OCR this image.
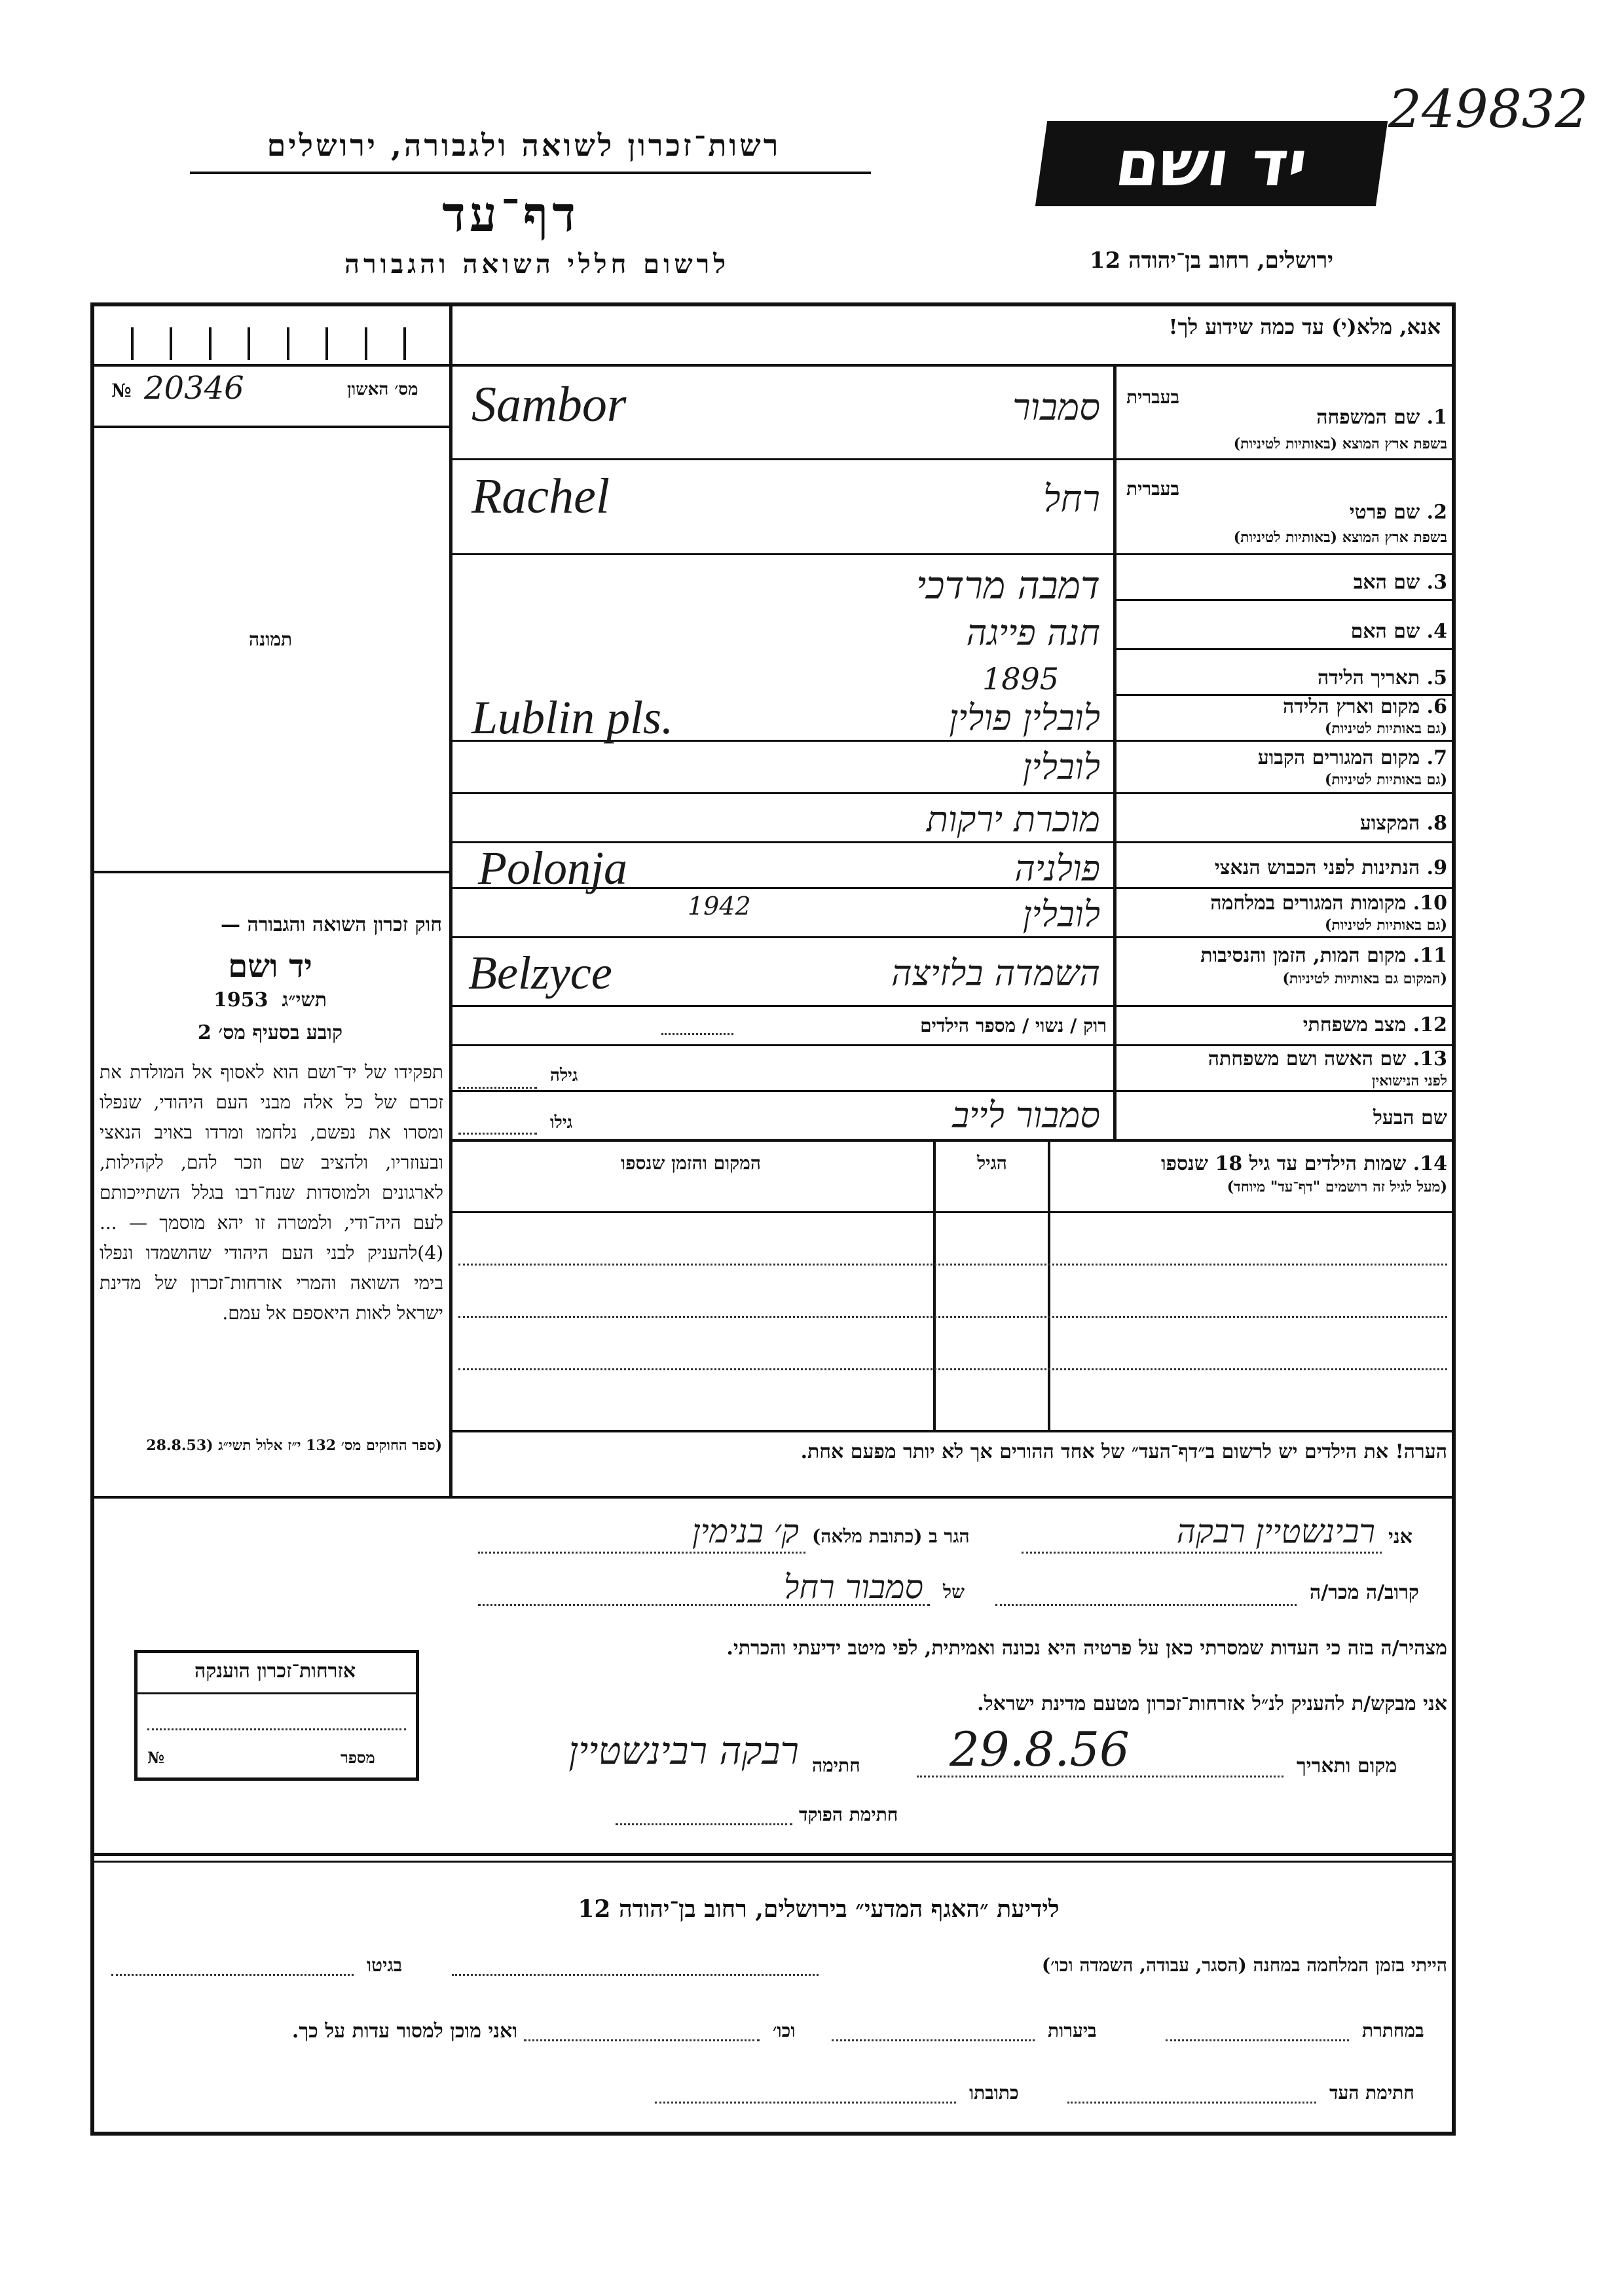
249832
רשות־זכרון לשואה ולגבורה, ירושלים
דף־עד
לרשום חללי השואה והגבורה
יד ושם
ירושלים, רחוב בן־יהודה 12
אנא, מלא(י) עד כמה שידוע לך!
№ 20346	מס׳ האשון
תמונה
חוק זכרון השואה והגבורה —
יד ושם
1953 תשי״ג
קובע בסעיף מס׳ 2
תפקידו של יד־ושם הוא לאסוף אל המולדת את זכרם של כל אלה מבני העם היהודי, שנפלו ומסרו את נפשם, נלחמו ומרדו באויב הנאצי ובעוזריו, ולהציב שם וזכר להם, לקהילות, לארגונים ולמוסדות שנח־רבו בגלל השתייכותם לעם היה־ודי, ולמטרה זו יהא מוסמך — ...(4)להעניק לבני העם היהודי שהושמדו ונפלו בימי השואה והמרי אזרחות־זכרון של מדינת ישראל לאות היאספם אל עמם.
(ספר החוקים מס׳ 132 י״ז אלול תשי״ג (28.8.53
בעברית
1. שם המשפחה
בשפת ארץ המוצא (באותיות לטיניות)
Sambor	סמבור
בעברית
2. שם פרטי
בשפת ארץ המוצא (באותיות לטיניות)
Rachel	רחל
3. שם האב
דמבה מרדכי
4. שם האם
חנה פייגה
5. תאריך הלידה
1895
6. מקום וארץ הלידה
(גם באותיות לטיניות)
Lublin pls.	לובלין פולין
7. מקום המגורים הקבוע
(גם באותיות לטיניות)
לובלין
8. המקצוע
מוכרת ירקות
9. הנתינות לפני הכבוש הנאצי
Polonja	פולניה
10. מקומות המגורים במלחמה
(גם באותיות לטיניות)
1942	לובלין
11. מקום המות, הזמן והנסיבות
(המקום גם באותיות לטיניות)
Belzyce	השמדה בלזיצה
12. מצב משפחתי
רוק / נשוי / מספר הילדים
13. שם האשה ושם משפחתה
לפני הנישואין
גילה
שם הבעל
סמבור לייב
גילו
14. שמות הילדים עד גיל 18 שנספו
(מעל לגיל זה רושמים "דף־עד" מיוחד)
הגיל
המקום והזמן שנספו
הערה! את הילדים יש לרשום ב״דף־העד״ של אחד ההורים אך לא יותר מפעם אחת.
אני
רבינשטיין רבקה
הגר ב (כתובת מלאה)
ק׳ בנימין
קרוב/ה מכר/ה
של
סמבור רחל
מצהיר/ה בזה כי העדות שמסרתי כאן על פרטיה היא נכונה ואמיתית, לפי מיטב ידיעתי והכרתי.
אני מבקש/ת להעניק לנ״ל אזרחות־זכרון מטעם מדינת ישראל.
מקום ותאריך
29.8.56
חתימה
רבקה רבינשטיין
חתימת הפוקד
אזרחות־זכרון הוענקה
№	מספר
לידיעת ״האגף המדעי״ בירושלים, רחוב בן־יהודה 12
הייתי בזמן המלחמה במחנה (הסגר, עבודה, השמדה וכו׳)
בגיטו
במחתרת
ביערות
וכו׳
ואני מוכן למסור עדות על כך.
חתימת העד
כתובתו
